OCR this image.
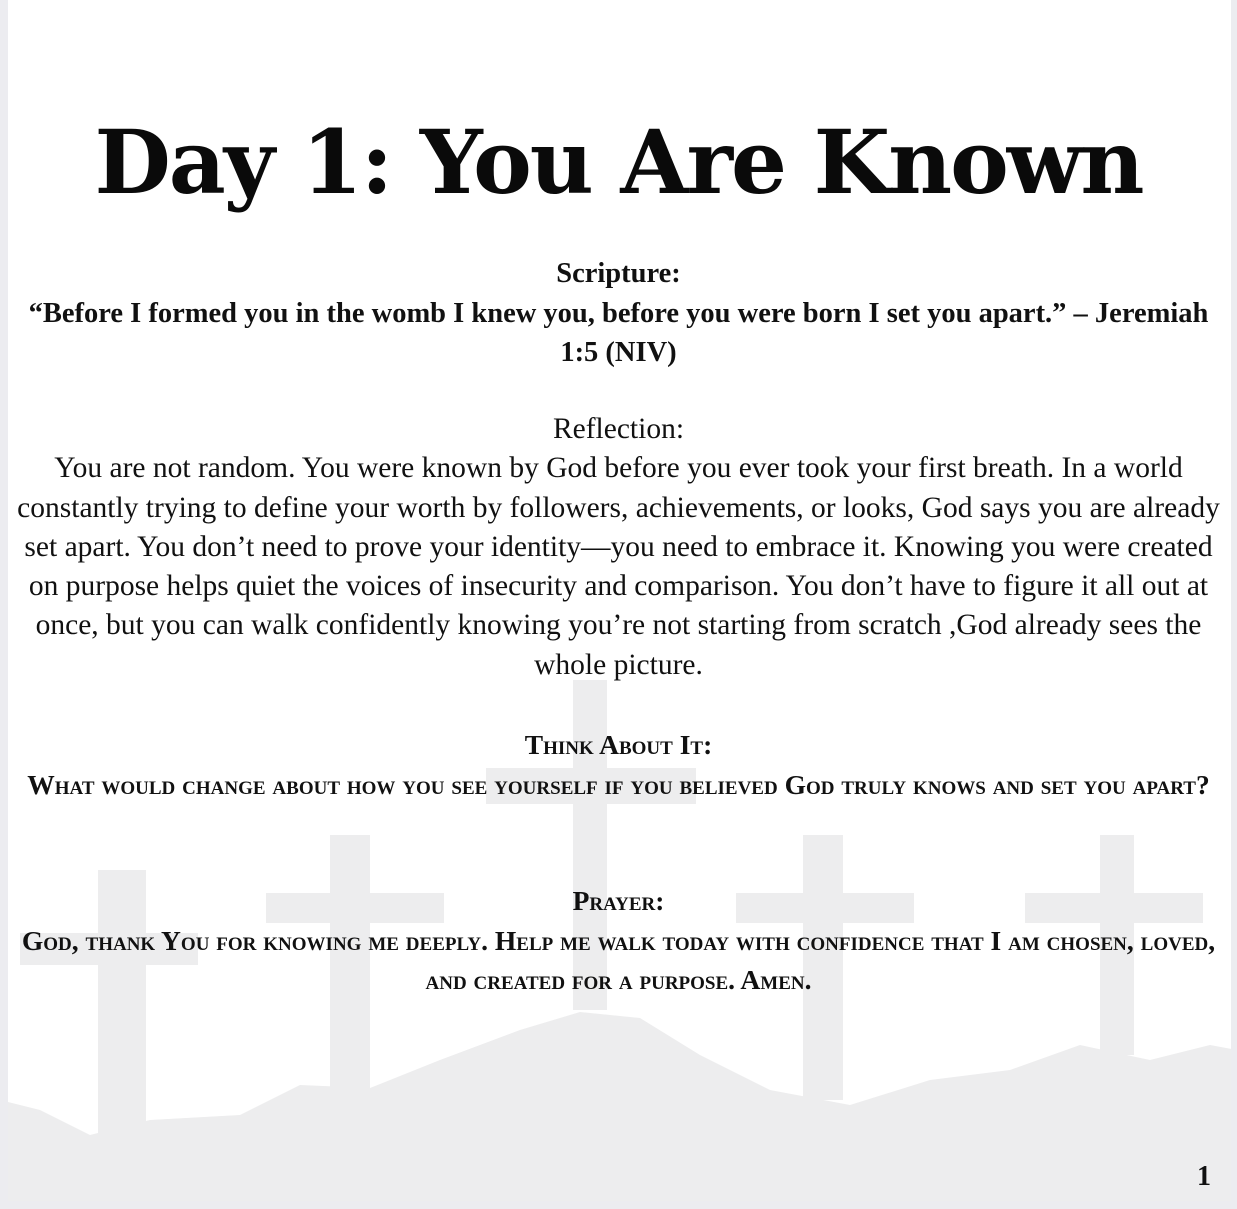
Day 1: You Are Known
Scripture:
“Before I formed you in the womb I knew you, before you were born I set you apart.” – Jeremiah 1:5 (NIV)
Reflection:
You are not random. You were known by God before you ever took your first breath. In a world constantly trying to define your worth by followers, achievements, or looks, God says you are already set apart. You don’t need to prove your identity—you need to embrace it. Knowing you were created on purpose helps quiet the voices of insecurity and comparison. You don’t have to figure it all out at once, but you can walk confidently knowing you’re not starting from scratch ,God already sees the whole picture.
Think About It:
What would change about how you see yourself if you believed God truly knows and set you apart?
Prayer:
God, thank You for knowing me deeply. Help me walk today with confidence that I am chosen, loved, and created for a purpose. Amen.
1
